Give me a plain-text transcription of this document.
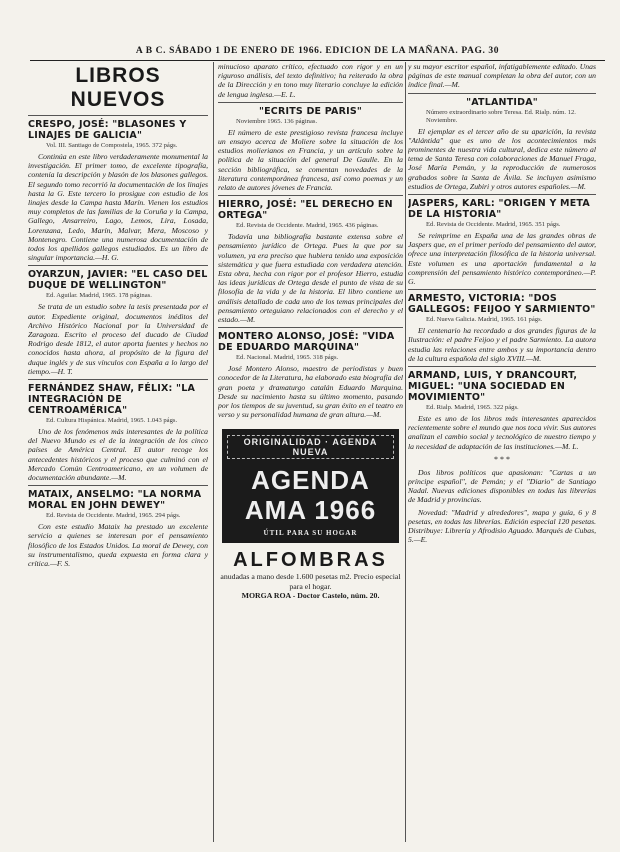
A B C. SÁBADO 1 DE ENERO DE 1966. EDICION DE LA MAÑANA. PAG. 30
LIBROS NUEVOS
CRESPO, JOSÉ: "BLASONES Y LINAJES DE GALICIA"
Vol. III. Santiago de Compostela, 1965. 372 págs.
Continúa en este libro verdaderamente monumental la investigación. El primer tomo, de excelente tipografía, contenía la descripción y blasón de los blasones gallegos. El segundo tomo recorrió la documentación de los linajes hasta la G. Este tercero lo prosigue con estudio de los linajes desde la Campa hasta Marín. Vienen los estudios muy completos de las familias de la Coruña y la Campa, Gallego, Ansarreiro, Lago, Lemos, Lira, Losada, Lorenzana, Ledo, Marín, Malvar, Mera, Moscoso y Montenegro. Contiene una numerosa documentación de todos los apellidos gallegos estudiados. Es un libro de singular importancia.—H. G.
OYARZUN, JAVIER: "EL CASO DEL DUQUE DE WELLINGTON"
Ed. Aguilar. Madrid, 1965. 178 páginas.
Se trata de un estudio sobre la tesis presentada por el autor. Expediente original, documentos inéditos del Archivo Histórico Nacional por la Universidad de Zaragoza. Escrito el proceso del ducado de Ciudad Rodrigo desde 1812, el autor aporta fuentes y hechos no conocidos hasta ahora, al propósito de la figura del duque inglés y de sus vínculos con España a lo largo del tiempo.—H. T.
FERNÁNDEZ SHAW, FÉLIX: "LA INTEGRACIÓN DE CENTROAMÉRICA"
Ed. Cultura Hispánica. Madrid, 1965. 1.043 págs.
Uno de los fenómenos más interesantes de la política del Nuevo Mundo es el de la integración de los cinco países de América Central. El autor recoge los antecedentes históricos y el proceso que culminó con el Mercado Común Centroamericano, en un volumen de documentación abundante.—M.
MATAIX, ANSELMO: "LA NORMA MORAL EN JOHN DEWEY"
Ed. Revista de Occidente. Madrid, 1965. 294 págs.
Con este estudio Mataix ha prestado un excelente servicio a quienes se interesan por el pensamiento filosófico de los Estados Unidos. La moral de Dewey, con su instrumentalismo, queda expuesta en forma clara y crítica.—F. S.
minucioso aparato crítico, efectuado con rigor y en un riguroso análisis, del texto definitivo; ha reiterado la obra de la Dirección y en tono muy literario concluye la edición de lengua inglesa.—E. L.
"ECRITS DE PARIS"
Noviembre 1965. 136 páginas.
El número de este prestigioso revista francesa incluye un ensayo acerca de Moliere sobre la situación de los estudios molierianos en Francia, y un artículo sobre la política de la situación del general De Gaulle. En la sección bibliográfica, se comentan novedades de la literatura contemporánea francesa, así como poemas y un relato de autores jóvenes de Francia.
HIERRO, JOSÉ: "EL DERECHO EN ORTEGA"
Ed. Revista de Occidente. Madrid, 1965. 436 páginas.
Todavía una bibliografía bastante extensa sobre el pensamiento jurídico de Ortega. Pues la que por su volumen, ya era preciso que hubiera tenido una exposición sistemática y que fuera estudiada con verdadera atención. Esta obra, hecha con rigor por el profesor Hierro, estudia las ideas jurídicas de Ortega desde el punto de vista de su filosofía de la vida y de la historia. El libro contiene un análisis detallado de cada uno de los temas principales del pensamiento orteguiano relacionados con el derecho y el estado.—M.
MONTERO ALONSO, JOSÉ: "VIDA DE EDUARDO MARQUINA"
Ed. Nacional. Madrid, 1965. 318 págs.
José Montero Alonso, maestro de periodistas y buen conocedor de la Literatura, ha elaborado esta biografía del gran poeta y dramaturgo catalán Eduardo Marquina. Desde su nacimiento hasta su último momento, pasando por los tiempos de su juventud, su gran éxito en el teatro en verso y su personalidad humana de gran altura.—M.
ORIGINALIDAD · AGENDA NUEVA
AGENDA AMA 1966
ÚTIL PARA SU HOGAR
ALFOMBRAS
anudadas a mano desde 1.600 pesetas m2. Precio especial para el hogar.
MORGA ROA - Doctor Castelo, núm. 20.
y su mayor escritor español, infatigablemente editado. Unas páginas de este manual completan la obra del autor, con un índice final.—M.
"ATLANTIDA"
Número extraordinario sobre Teresa. Ed. Rialp. núm. 12. Noviembre.
El ejemplar es el tercer año de su aparición, la revista "Atlántida" que es uno de los acontecimientos más prominentes de nuestra vida cultural, dedica este número al tema de Santa Teresa con colaboraciones de Manuel Fraga, José María Pemán, y la reproducción de numerosos grabados sobre la Santa de Ávila. Se incluyen asimismo estudios de Ortega, Zubiri y otros autores españoles.—M.
JASPERS, KARL: "ORIGEN Y META DE LA HISTORIA"
Ed. Revista de Occidente. Madrid, 1965. 351 págs.
Se reimprime en España una de las grandes obras de Jaspers que, en el primer período del pensamiento del autor, ofrece una interpretación filosófica de la historia universal. Este volumen es una aportación fundamental a la comprensión del pensamiento histórico contemporáneo.—P. G.
ARMESTO, VICTORIA: "DOS GALLEGOS: FEIJOO Y SARMIENTO"
Ed. Nueva Galicia. Madrid, 1965. 161 págs.
El centenario ha recordado a dos grandes figuras de la Ilustración: el padre Feijoo y el padre Sarmiento. La autora estudia las relaciones entre ambos y su importancia dentro de la cultura española del siglo XVIII.—M.
ARMAND, LUIS, Y DRANCOURT, MIGUEL: "UNA SOCIEDAD EN MOVIMIENTO"
Ed. Rialp. Madrid, 1965. 322 págs.
Este es uno de los libros más interesantes aparecidos recientemente sobre el mundo que nos toca vivir. Sus autores analizan el cambio social y tecnológico de nuestro tiempo y la necesidad de adaptación de las instituciones.—M. L.
* * *
Dos libros políticos que apasionan: "Cartas a un príncipe español", de Pemán; y el "Diario" de Santiago Nadal. Nuevas ediciones disponibles en todas las librerías de Madrid y provincias.
Novedad: "Madrid y alrededores", mapa y guía, 6 y 8 pesetas, en todas las librerías. Edición especial 120 pesetas. Distribuye: Librería y Afrodisio Aguado. Marqués de Cubas, 5.—E.
